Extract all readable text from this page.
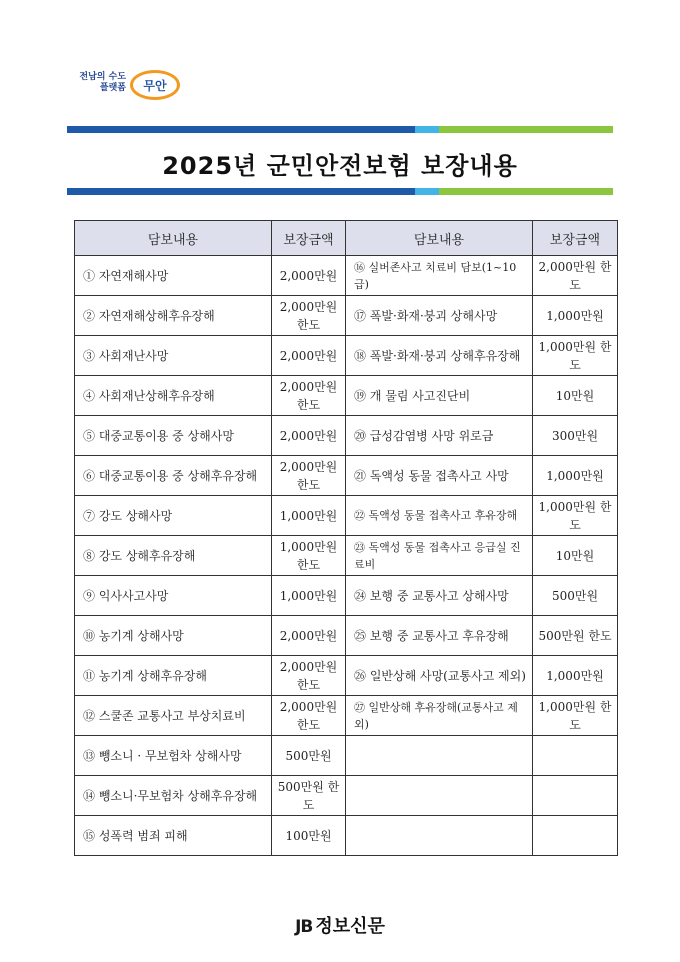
전남의 수도
플랫폼 무안
2025년 군민안전보험 보장내용
담보내용	보장금액	담보내용	보장금액
① 자연재해사망	2,000만원	⑯ 실버존사고 치료비 담보(1~10급)	2,000만원 한도
② 자연재해상해후유장해	2,000만원 한도	⑰ 폭발·화재·붕괴 상해사망	1,000만원
③ 사회재난사망	2,000만원	⑱ 폭발·화재·붕괴 상해후유장해	1,000만원 한도
④ 사회재난상해후유장해	2,000만원 한도	⑲ 개 물림 사고진단비	10만원
⑤ 대중교통이용 중 상해사망	2,000만원	⑳ 급성감염병 사망 위로금	300만원
⑥ 대중교통이용 중 상해후유장해	2,000만원 한도	㉑ 독액성 동물 접촉사고 사망	1,000만원
⑦ 강도 상해사망	1,000만원	㉒ 독액성 동물 접촉사고 후유장해	1,000만원 한도
⑧ 강도 상해후유장해	1,000만원 한도	㉓ 독액성 동물 접촉사고 응급실 진료비	10만원
⑨ 익사사고사망	1,000만원	㉔ 보행 중 교통사고 상해사망	500만원
⑩ 농기계 상해사망	2,000만원	㉕ 보행 중 교통사고 후유장해	500만원 한도
⑪ 농기계 상해후유장해	2,000만원 한도	㉖ 일반상해 사망(교통사고 제외)	1,000만원
⑫ 스쿨존 교통사고 부상치료비	2,000만원 한도	㉗ 일반상해 후유장해(교통사고 제외)	1,000만원 한도
⑬ 뺑소니 · 무보험차 상해사망	500만원		
⑭ 뺑소니·무보험차 상해후유장해	500만원 한도		
⑮ 성폭력 범죄 피해	100만원		
JB 정보신문
